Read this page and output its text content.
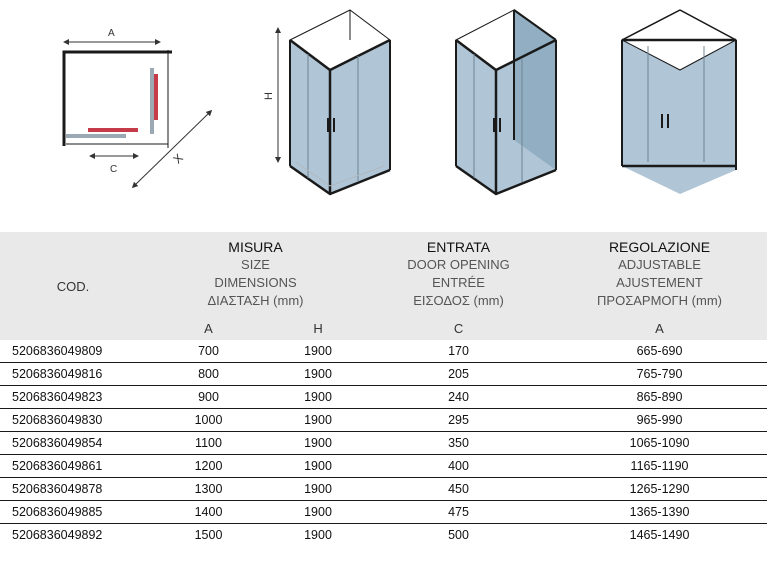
A
C
X
H
COD.	MISURA
SIZE
DIMENSIONS
ΔΙΑΣΤΑΣΗ (mm)		ENTRATA
DOOR OPENING
ENTRÉE
ΕΙΣΟΔΟΣ (mm)	REGOLAZIONE
ADJUSTABLE
AJUSTEMENT
ΠΡΟΣΑΡΜΟΓΗ (mm)

	A	H	C	A
5206836049809	700	1900	170	665-690
5206836049816	800	1900	205	765-790
5206836049823	900	1900	240	865-890
5206836049830	1000	1900	295	965-990
5206836049854	1100	1900	350	1065-1090
5206836049861	1200	1900	400	1165-1190
5206836049878	1300	1900	450	1265-1290
5206836049885	1400	1900	475	1365-1390
5206836049892	1500	1900	500	1465-1490
